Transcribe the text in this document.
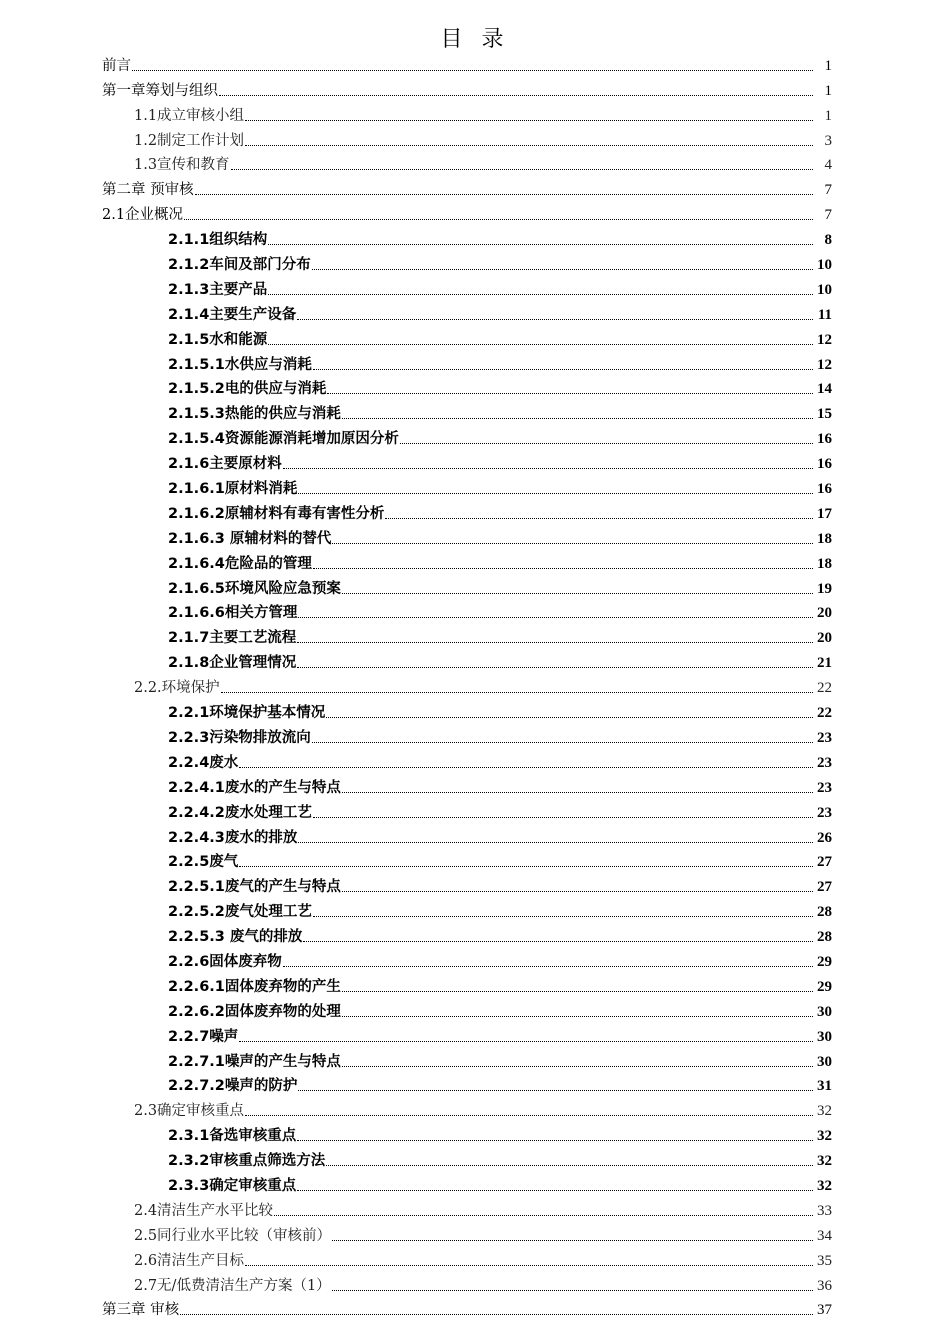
目 录
前言	1
第一章筹划与组织	1
1.1成立审核小组	1
1.2制定工作计划	3
1.3宣传和教育	4
第二章 预审核	7
2.1企业概况	7
2.1.1组织结构	8
2.1.2车间及部门分布	10
2.1.3主要产品	10
2.1.4主要生产设备	11
2.1.5水和能源	12
2.1.5.1水供应与消耗	12
2.1.5.2电的供应与消耗	14
2.1.5.3热能的供应与消耗	15
2.1.5.4资源能源消耗增加原因分析	16
2.1.6主要原材料	16
2.1.6.1原材料消耗	16
2.1.6.2原辅材料有毒有害性分析	17
2.1.6.3 原辅材料的替代	18
2.1.6.4危险品的管理	18
2.1.6.5环境风险应急预案	19
2.1.6.6相关方管理	20
2.1.7主要工艺流程	20
2.1.8企业管理情况	21
2.2.环境保护	22
2.2.1环境保护基本情况	22
2.2.3污染物排放流向	23
2.2.4废水	23
2.2.4.1废水的产生与特点	23
2.2.4.2废水处理工艺	23
2.2.4.3废水的排放	26
2.2.5废气	27
2.2.5.1废气的产生与特点	27
2.2.5.2废气处理工艺	28
2.2.5.3 废气的排放	28
2.2.6固体废弃物	29
2.2.6.1固体废弃物的产生	29
2.2.6.2固体废弃物的处理	30
2.2.7噪声	30
2.2.7.1噪声的产生与特点	30
2.2.7.2噪声的防护	31
2.3确定审核重点	32
2.3.1备选审核重点	32
2.3.2审核重点筛选方法	32
2.3.3确定审核重点	32
2.4清洁生产水平比较	33
2.5同行业水平比较（审核前）	34
2.6清洁生产目标	35
2.7无/低费清洁生产方案（1）	36
第三章 审核	37
